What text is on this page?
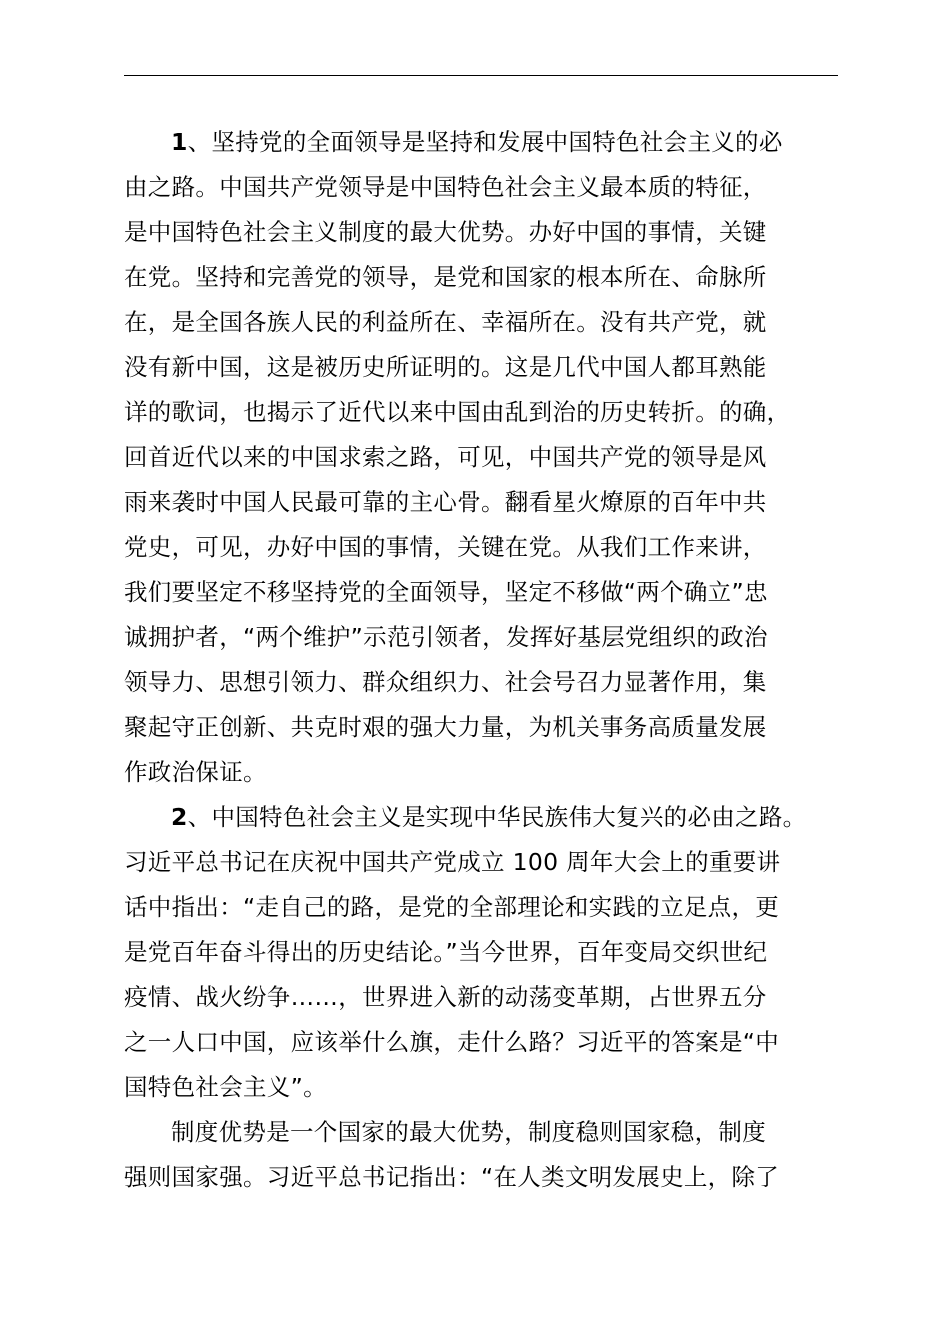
1、坚持党的全面领导是坚持和发展中国特色社会主义的必
由之路。中国共产党领导是中国特色社会主义最本质的特征，
是中国特色社会主义制度的最大优势。办好中国的事情，关键
在党。坚持和完善党的领导，是党和国家的根本所在、命脉所
在，是全国各族人民的利益所在、幸福所在。没有共产党，就
没有新中国，这是被历史所证明的。这是几代中国人都耳熟能
详的歌词，也揭示了近代以来中国由乱到治的历史转折。的确，
回首近代以来的中国求索之路，可见，中国共产党的领导是风
雨来袭时中国人民最可靠的主心骨。翻看星火燎原的百年中共
党史，可见，办好中国的事情，关键在党。从我们工作来讲，
我们要坚定不移坚持党的全面领导，坚定不移做“两个确立”忠
诚拥护者，“两个维护”示范引领者，发挥好基层党组织的政治
领导力、思想引领力、群众组织力、社会号召力显著作用，集
聚起守正创新、共克时艰的强大力量，为机关事务高质量发展
作政治保证。

2、中国特色社会主义是实现中华民族伟大复兴的必由之路。
习近平总书记在庆祝中国共产党成立 100 周年大会上的重要讲
话中指出：“走自己的路，是党的全部理论和实践的立足点，更
是党百年奋斗得出的历史结论。”当今世界，百年变局交织世纪
疫情、战火纷争……，世界进入新的动荡变革期，占世界五分
之一人口中国，应该举什么旗，走什么路？习近平的答案是“中
国特色社会主义”。

制度优势是一个国家的最大优势，制度稳则国家稳，制度
强则国家强。习近平总书记指出：“在人类文明发展史上，除了
